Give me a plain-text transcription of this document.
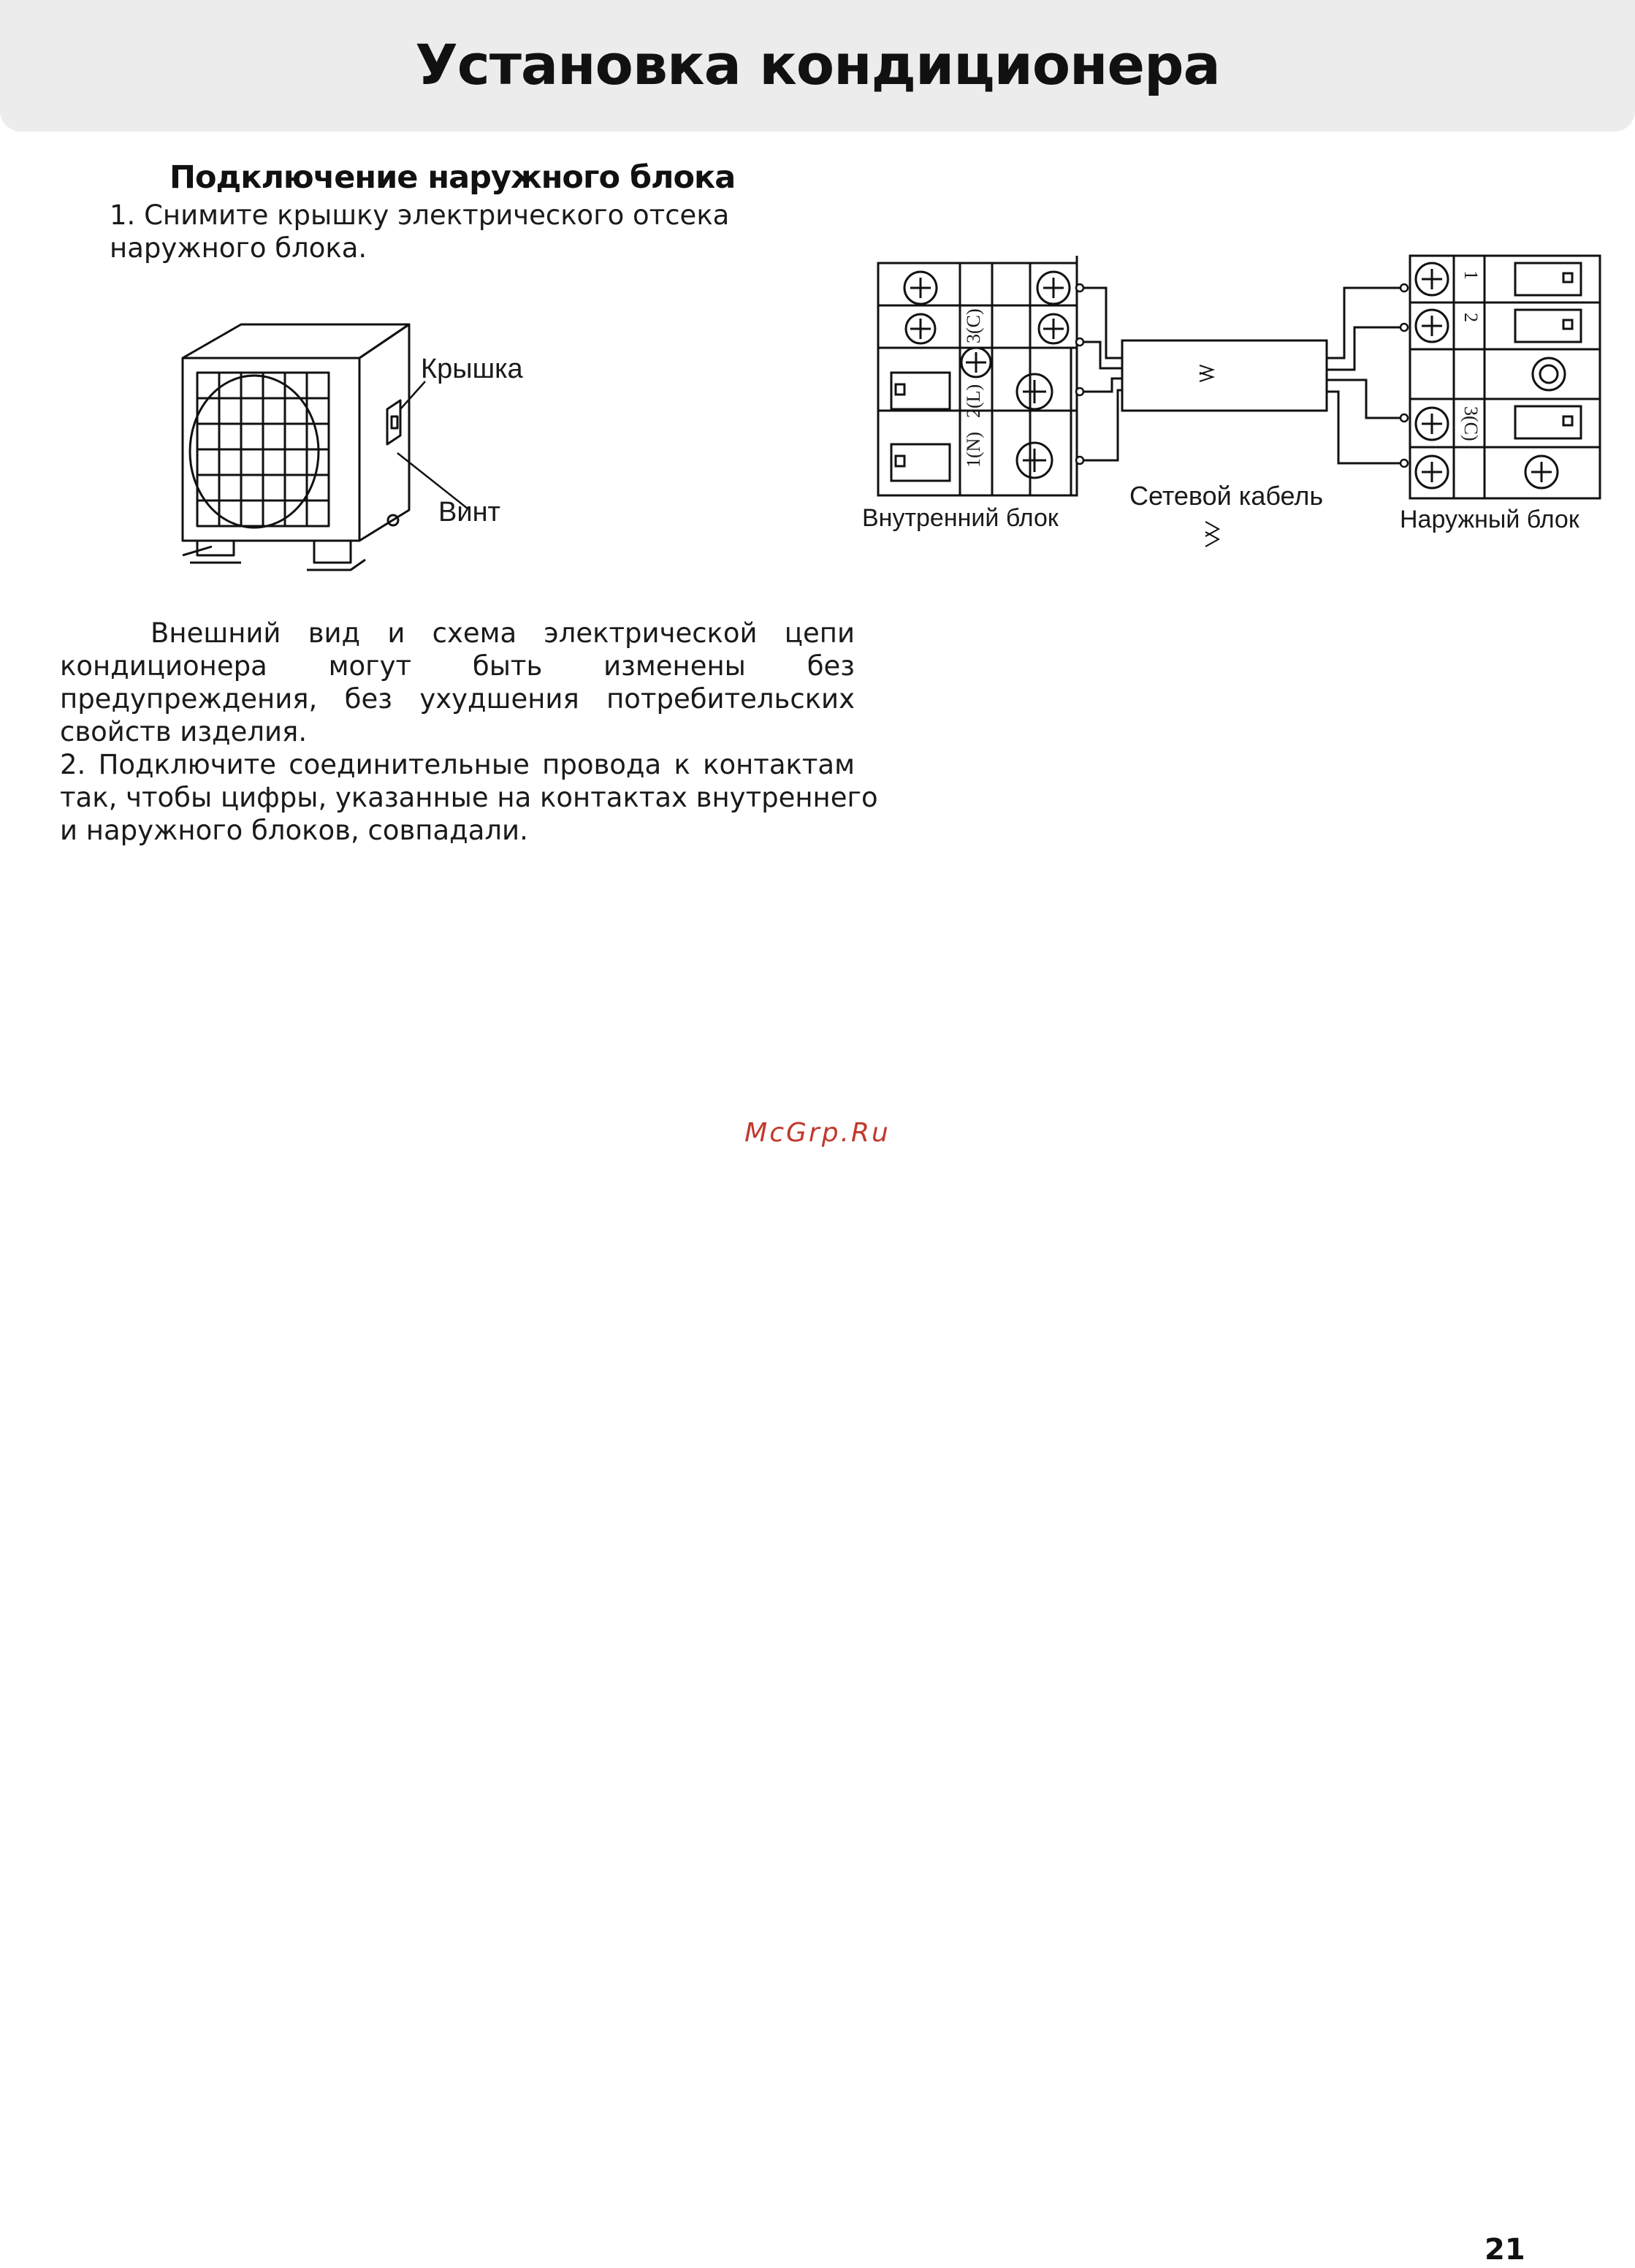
Установка кондиционера
Подключение наружного блока
1. Снимите крышку электрического отсека
наружного блока.
Крышка
Винт
1(N)
2(L)
3(C)
1
2
3(C)
Внутренний блок
Сетевой кабель
Наружный блок
Внешний вид и схема электрической цепи
кондиционера могут быть изменены без
предупреждения, без ухудшения потребительских
свойств изделия.
2. Подключите соединительные провода к контактам
так, чтобы цифры, указанные на контактах внутреннего
и наружного блоков, совпадали.
McGrp.Ru
21
